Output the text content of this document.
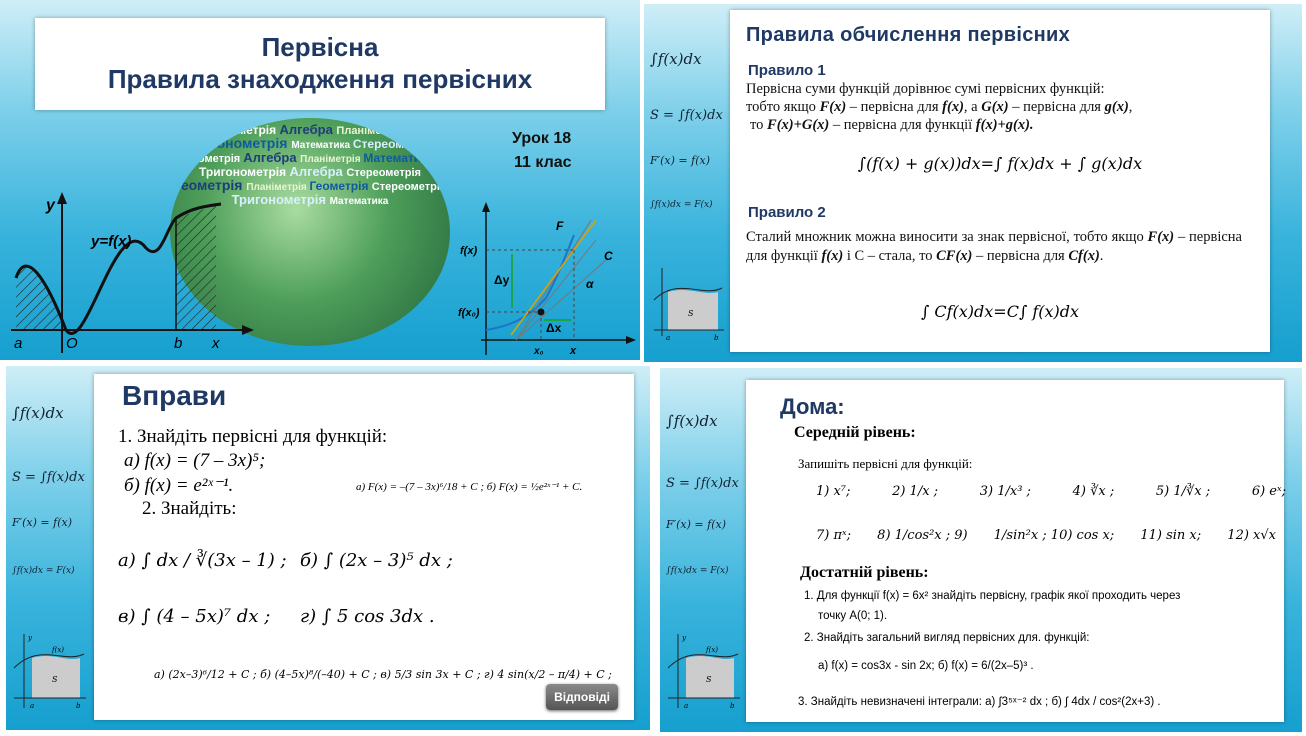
Первісна
Правила знаходження первісних
Урок 18
11 клас
Геометрія Алгебра Планіметрія Тригонометрія Математика Стереометрія Геометрія Алгебра Планіметрія Математика Тригонометрія Алгебра Стереометрія Геометрія Планіметрія Геометрія Стереометрія Тригонометрія Математика
y
y=f(x)
a	O	b x
f(x)
f(x₀)
Δy
Δx
F
C
α
x₀ x
∫f(x)dx
S = ∫f(x)dx
F′(x) = f(x)
∫f(x)dx = F(x)
S
a	b
Правила обчислення первісних
Правило 1
Первісна суми функцій дорівнює сумі первісних функцій:
тобто якщо F(x) – первісна для f(x), а G(x) – первісна для g(x),
то F(x)+G(x) – первісна для функції f(x)+g(x).
∫(f(x) + g(x))dx=∫ f(x)dx + ∫ g(x)dx
Правило 2
Сталий множник можна виносити за знак первісної, тобто якщо F(x) – первісна для функції f(x) і С – стала, то CF(x) – первісна для Cf(x).
∫ Cf(x)dx=C∫ f(x)dx
∫f(x)dx
S = ∫f(x)dx
F′(x) = f(x)
∫f(x)dx = F(x)
y
f(x)
S
a	b
Вправи
1. Знайдіть первісні для функцій:
а) f(x) = (7 – 3x)⁵;
б) f(x) = e²ˣ⁻¹.	а) F(x) = –(7 – 3x)⁶/18 + C ; б) F(x) = ½e²ˣ⁻¹ + C.
2. Знайдіть:
а) ∫ dx / ∛(3x – 1) ; б) ∫ (2x – 3)⁵ dx ;
в) ∫ (4 – 5x)⁷ dx ; г) ∫ 5 cos 3dx .
а) (2x–3)⁶/12 + C ; б) (4–5x)⁸/(–40) + C ; в) 5/3 sin 3x + C ; г) 4 sin(x/2 – π/4) + C ;
Відповіді
∫f(x)dx
S = ∫f(x)dx
F′(x) = f(x)
∫f(x)dx = F(x)
y
f(x)
S
a	b
Дома:
Середній рівень:
Запишіть первісні для функцій:
1) x⁷;	2) 1/x ;	3) 1/x³ ;	4) ∛x ;	5) 1/∛x ;	6) eˣ;
7) πˣ; 8) 1/cos²x ; 9) 1/sin²x ; 10) cos x; 11) sin x; 12) x√x
Достатній рівень:
1. Для функції f(x) = 6x² знайдіть первісну, графік якої проходить через
точку A(0; 1).
2. Знайдіть загальний вигляд первісних для. функцій:
а) f(x) = cos3x - sin 2x; б) f(x) = 6/(2x–5)³ .
3. Знайдіть невизначені інтеграли: а) ∫3⁵ˣ⁻² dx ; б) ∫ 4dx / cos²(2x+3) .
